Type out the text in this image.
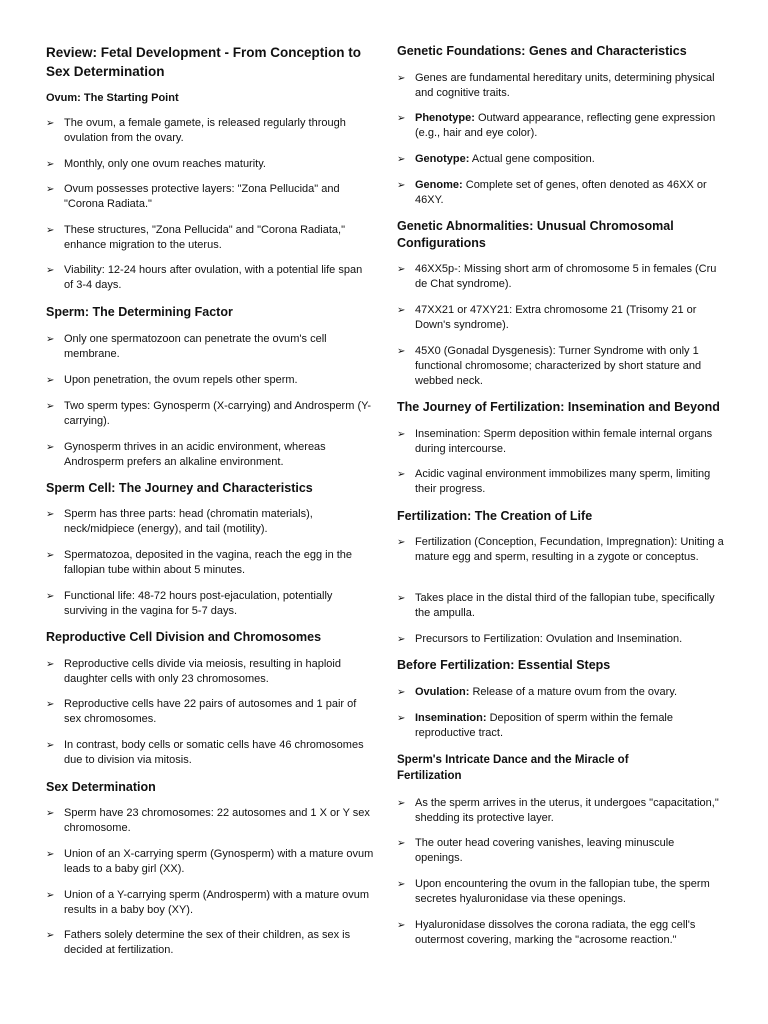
Review: Fetal Development - From Conception to Sex Determination
Ovum: The Starting Point
➢ The ovum, a female gamete, is released regularly through ovulation from the ovary.
➢ Monthly, only one ovum reaches maturity.
➢ Ovum possesses protective layers: "Zona Pellucida" and "Corona Radiata."
➢ These structures, "Zona Pellucida" and "Corona Radiata," enhance migration to the uterus.
➢ Viability: 12-24 hours after ovulation, with a potential life span of 3-4 days.
Sperm: The Determining Factor
➢ Only one spermatozoon can penetrate the ovum's cell membrane.
➢ Upon penetration, the ovum repels other sperm.
➢ Two sperm types: Gynosperm (X-carrying) and Androsperm (Y-carrying).
➢ Gynosperm thrives in an acidic environment, whereas Androsperm prefers an alkaline environment.
Sperm Cell: The Journey and Characteristics
➢ Sperm has three parts: head (chromatin materials), neck/midpiece (energy), and tail (motility).
➢ Spermatozoa, deposited in the vagina, reach the egg in the fallopian tube within about 5 minutes.
➢ Functional life: 48-72 hours post-ejaculation, potentially surviving in the vagina for 5-7 days.
Reproductive Cell Division and Chromosomes
➢ Reproductive cells divide via meiosis, resulting in haploid daughter cells with only 23 chromosomes.
➢ Reproductive cells have 22 pairs of autosomes and 1 pair of sex chromosomes.
➢ In contrast, body cells or somatic cells have 46 chromosomes due to division via mitosis.
Sex Determination
➢ Sperm have 23 chromosomes: 22 autosomes and 1 X or Y sex chromosome.
➢ Union of an X-carrying sperm (Gynosperm) with a mature ovum leads to a baby girl (XX).
➢ Union of a Y-carrying sperm (Androsperm) with a mature ovum results in a baby boy (XY).
➢ Fathers solely determine the sex of their children, as sex is decided at fertilization.
Genetic Foundations: Genes and Characteristics
➢ Genes are fundamental hereditary units, determining physical and cognitive traits.
➢ Phenotype: Outward appearance, reflecting gene expression (e.g., hair and eye color).
➢ Genotype: Actual gene composition.
➢ Genome: Complete set of genes, often denoted as 46XX or 46XY.
Genetic Abnormalities: Unusual Chromosomal Configurations
➢ 46XX5p-: Missing short arm of chromosome 5 in females (Cru de Chat syndrome).
➢ 47XX21 or 47XY21: Extra chromosome 21 (Trisomy 21 or Down's syndrome).
➢ 45X0 (Gonadal Dysgenesis): Turner Syndrome with only 1 functional chromosome; characterized by short stature and webbed neck.
The Journey of Fertilization: Insemination and Beyond
➢ Insemination: Sperm deposition within female internal organs during intercourse.
➢ Acidic vaginal environment immobilizes many sperm, limiting their progress.
Fertilization: The Creation of Life
➢ Fertilization (Conception, Fecundation, Impregnation): Uniting a mature egg and sperm, resulting in a zygote or conceptus.
➢ Takes place in the distal third of the fallopian tube, specifically the ampulla.
➢ Precursors to Fertilization: Ovulation and Insemination.
Before Fertilization: Essential Steps
➢ Ovulation: Release of a mature ovum from the ovary.
➢ Insemination: Deposition of sperm within the female reproductive tract.
Sperm's Intricate Dance and the Miracle of Fertilization
➢ As the sperm arrives in the uterus, it undergoes "capacitation," shedding its protective layer.
➢ The outer head covering vanishes, leaving minuscule openings.
➢ Upon encountering the ovum in the fallopian tube, the sperm secretes hyaluronidase via these openings.
➢ Hyaluronidase dissolves the corona radiata, the egg cell's outermost covering, marking the "acrosome reaction."
